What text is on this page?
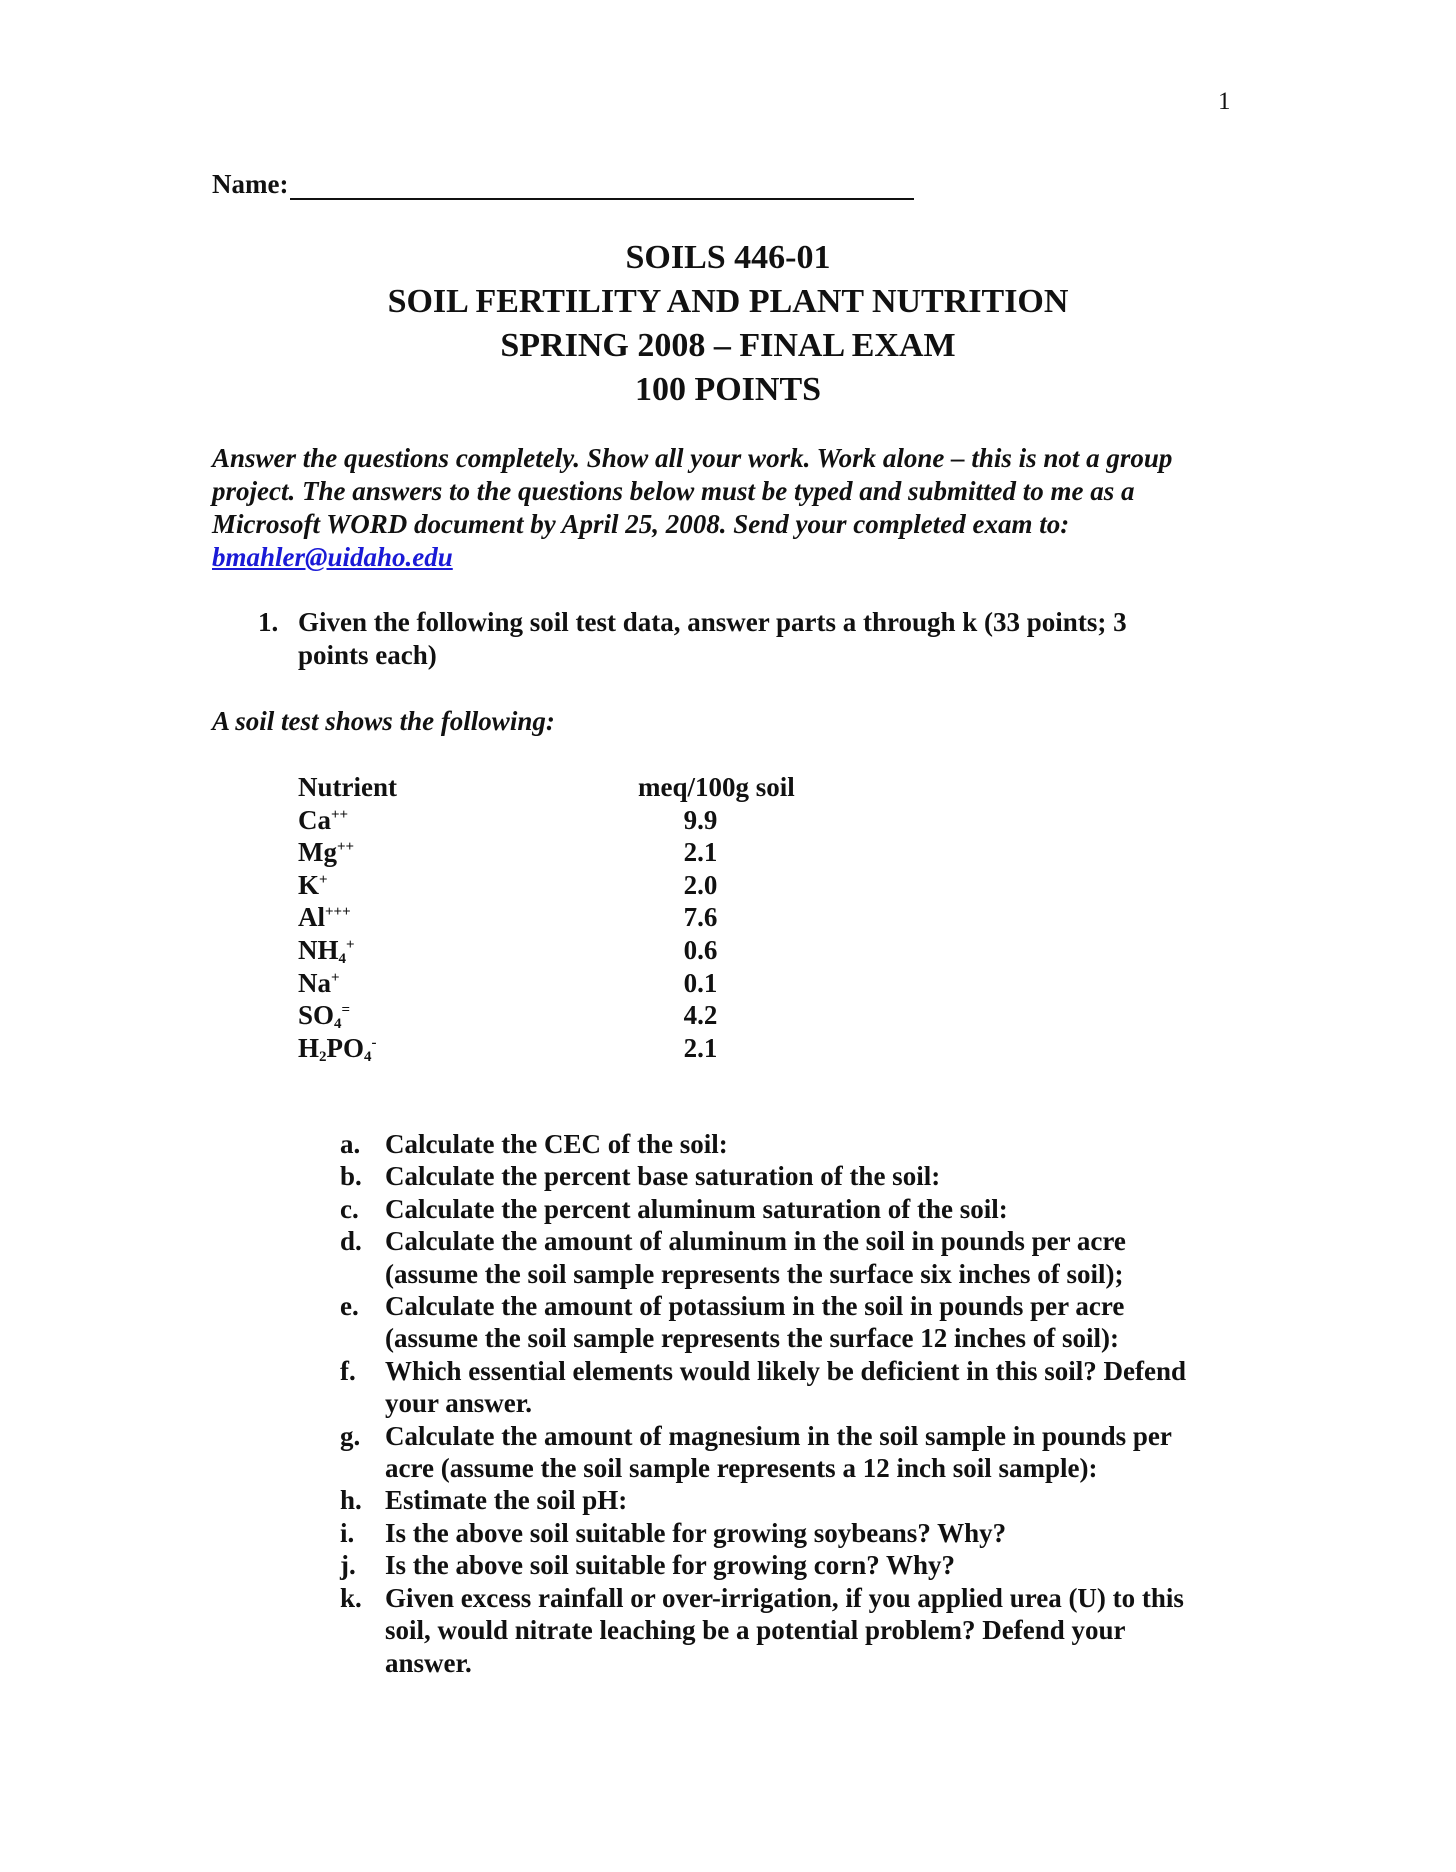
1
Name:
SOILS 446-01
SOIL FERTILITY AND PLANT NUTRITION
SPRING 2008 – FINAL EXAM
100 POINTS
Answer the questions completely. Show all your work. Work alone – this is not a group
project. The answers to the questions below must be typed and submitted to me as a
Microsoft WORD document by April 25, 2008. Send your completed exam to:
bmahler@uidaho.edu
1. Given the following soil test data, answer parts a through k (33 points; 3
points each)
A soil test shows the following:
Nutrient	meq/100g soil
Ca++	9.9
Mg++	2.1
K+	2.0
Al+++	7.6
$NH_4^+$	0.6
Na+	0.1
$SO_4^=$	4.2
$H_2PO_4^-$	2.1
a. Calculate the CEC of the soil:
b. Calculate the percent base saturation of the soil:
c. Calculate the percent aluminum saturation of the soil:
d. Calculate the amount of aluminum in the soil in pounds per acre
(assume the soil sample represents the surface six inches of soil);
e. Calculate the amount of potassium in the soil in pounds per acre
(assume the soil sample represents the surface 12 inches of soil):
f. Which essential elements would likely be deficient in this soil? Defend
your answer.
g. Calculate the amount of magnesium in the soil sample in pounds per
acre (assume the soil sample represents a 12 inch soil sample):
h. Estimate the soil pH:
i. Is the above soil suitable for growing soybeans? Why?
j. Is the above soil suitable for growing corn? Why?
k. Given excess rainfall or over-irrigation, if you applied urea (U) to this
soil, would nitrate leaching be a potential problem? Defend your
answer.
